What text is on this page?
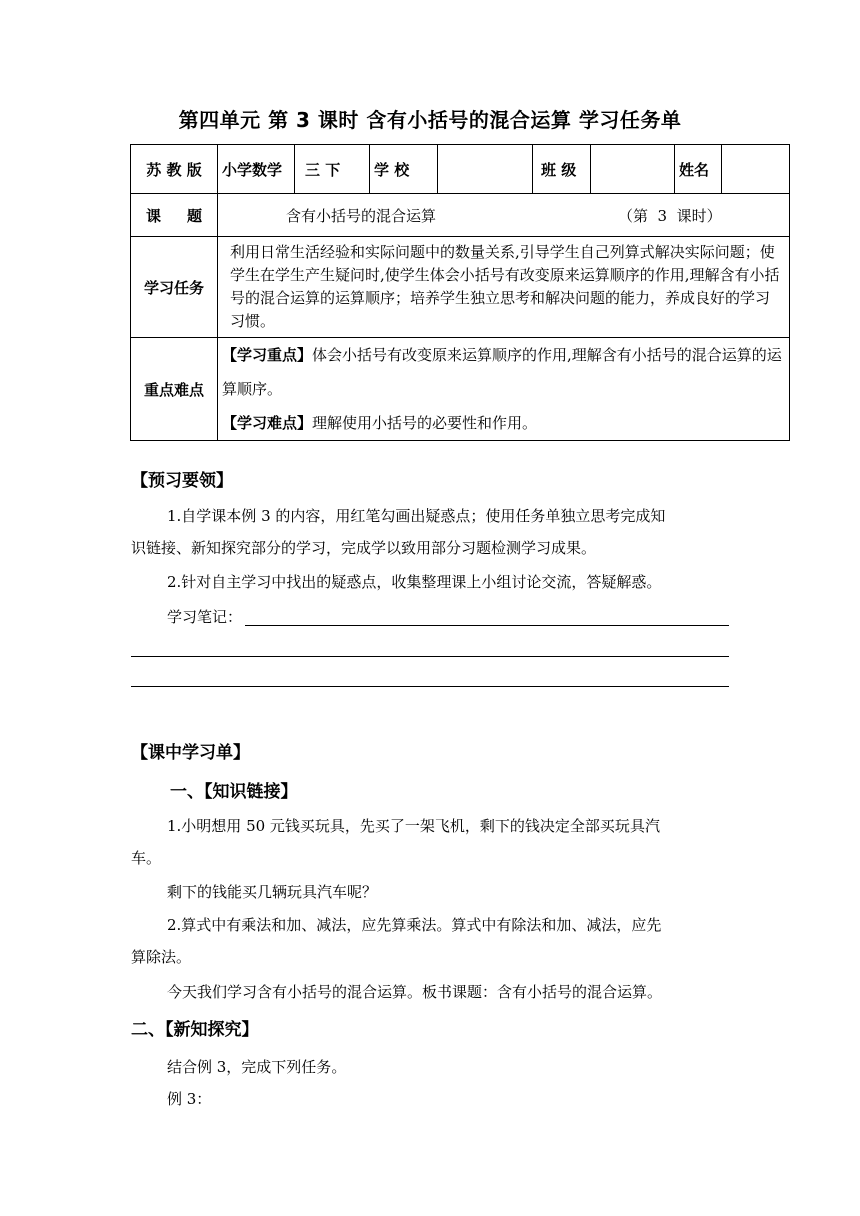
第四单元 第 3 课时 含有小括号的混合运算 学习任务单
苏 教 版	小学数学	三 下	学 校		班 级		姓名	
课     题	含有小括号的混合运算 （第  3  课时）							
学习任务	利用日常生活经验和实际问题中的数量关系,引导学生自己列算式解决实际问题；使学生在学生产生疑问时,使学生体会小括号有改变原来运算顺序的作用,理解含有小括号的混合运算的运算顺序；培养学生独立思考和解决问题的能力，养成良好的学习习惯。							
重点难点	【学习重点】体会小括号有改变原来运算顺序的作用,理解含有小括号的混合运算的运算顺序。
【学习难点】理解使用小括号的必要性和作用。							
【预习要领】
1.自学课本例 3 的内容，用红笔勾画出疑惑点；使用任务单独立思考完成知
识链接、新知探究部分的学习，完成学以致用部分习题检测学习成果。
2.针对自主学习中找出的疑惑点，收集整理课上小组讨论交流，答疑解惑。
学习笔记：
【课中学习单】
一、【知识链接】
1.小明想用 50 元钱买玩具，先买了一架飞机，剩下的钱决定全部买玩具汽
车。
剩下的钱能买几辆玩具汽车呢？
2.算式中有乘法和加、减法，应先算乘法。算式中有除法和加、减法，应先
算除法。
今天我们学习含有小括号的混合运算。板书课题：含有小括号的混合运算。
二、【新知探究】
结合例 3，完成下列任务。
例 3：
